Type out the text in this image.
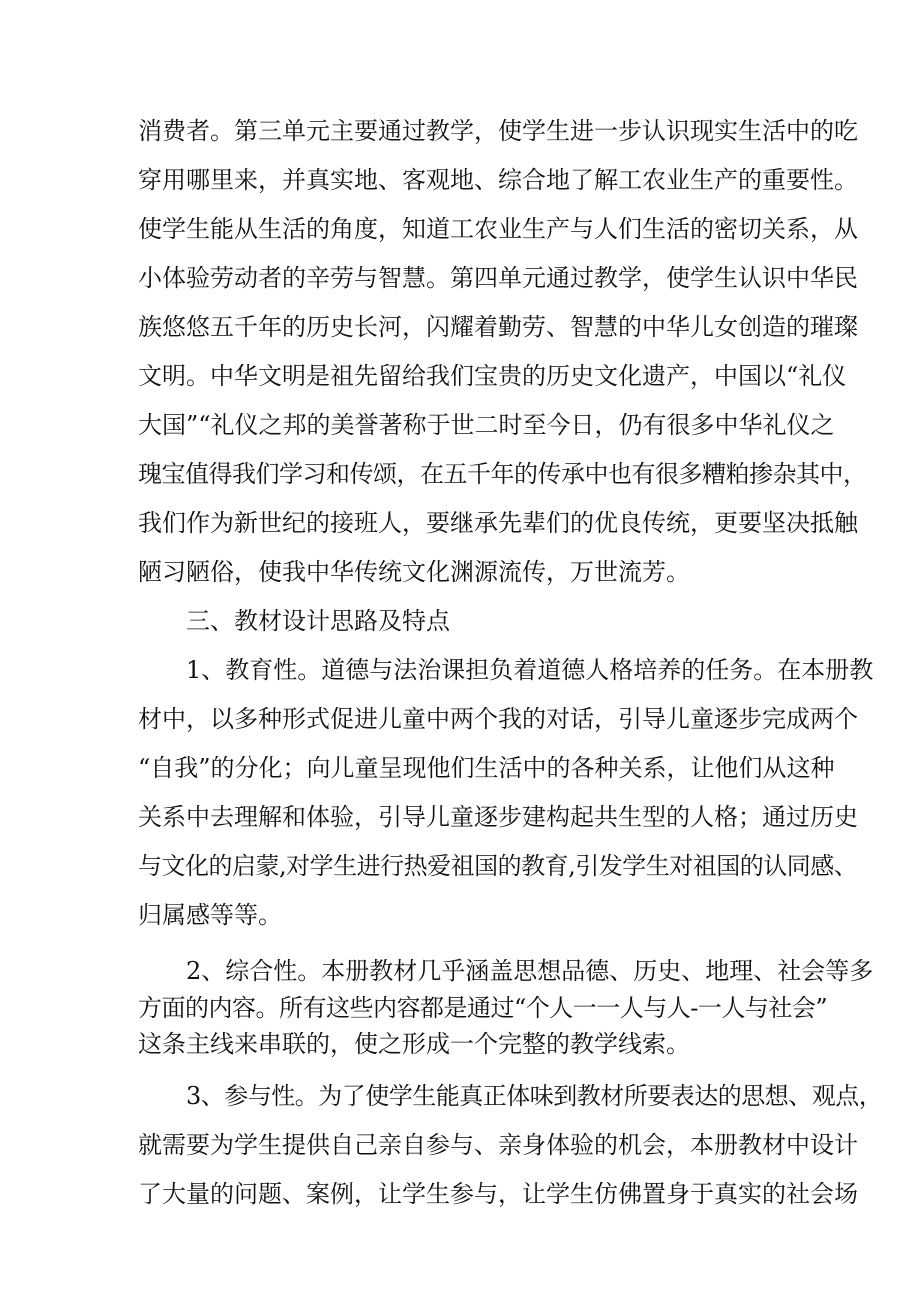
消费者。第三单元主要通过教学，使学生进一步认识现实生活中的吃
穿用哪里来，并真实地、客观地、综合地了解工农业生产的重要性。
使学生能从生活的角度，知道工农业生产与人们生活的密切关系，从
小体验劳动者的辛劳与智慧。第四单元通过教学，使学生认识中华民
族悠悠五千年的历史长河，闪耀着勤劳、智慧的中华儿女创造的璀璨
文明。中华文明是祖先留给我们宝贵的历史文化遗产，中国以“礼仪
大国”“礼仪之邦的美誉著称于世二时至今日，仍有很多中华礼仪之
瑰宝值得我们学习和传颂，在五千年的传承中也有很多糟粕掺杂其中，
我们作为新世纪的接班人，要继承先辈们的优良传统，更要坚决抵触
陋习陋俗，使我中华传统文化渊源流传，万世流芳。
三、教材设计思路及特点
1、教育性。道德与法治课担负着道德人格培养的任务。在本册教
材中，以多种形式促进儿童中两个我的对话，引导儿童逐步完成两个
“自我”的分化；向儿童呈现他们生活中的各种关系，让他们从这种
关系中去理解和体验，引导儿童逐步建构起共生型的人格；通过历史
与文化的启蒙,对学生进行热爱祖国的教育,引发学生对祖国的认同感、
归属感等等。
2、综合性。本册教材几乎涵盖思想品德、历史、地理、社会等多
方面的内容。所有这些内容都是通过“个人一一人与人-一人与社会”
这条主线来串联的，使之形成一个完整的教学线索。
3、参与性。为了使学生能真正体味到教材所要表达的思想、观点，
就需要为学生提供自己亲自参与、亲身体验的机会，本册教材中设计
了大量的问题、案例，让学生参与，让学生仿佛置身于真实的社会场
